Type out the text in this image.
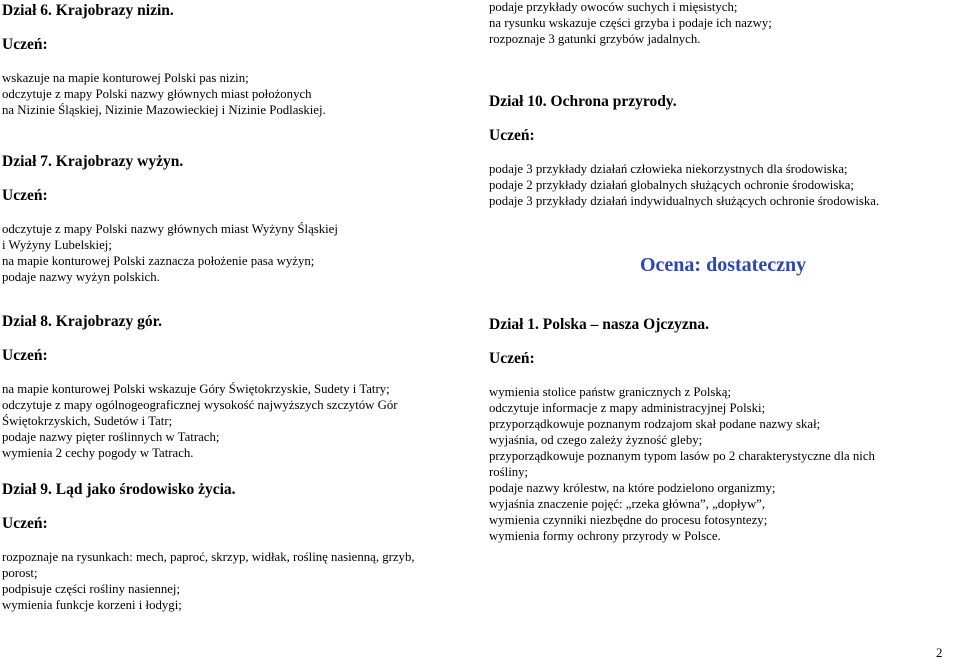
Dział 6. Krajobrazy nizin.
Uczeń:
wskazuje na mapie konturowej Polski pas nizin;
odczytuje z mapy Polski nazwy głównych miast położonych
na Nizinie Śląskiej, Nizinie Mazowieckiej i Nizinie Podlaskiej.
Dział 7. Krajobrazy wyżyn.
Uczeń:
odczytuje z mapy Polski nazwy głównych miast Wyżyny Śląskiej
i Wyżyny Lubelskiej;
na mapie konturowej Polski zaznacza położenie pasa wyżyn;
podaje nazwy wyżyn polskich.
Dział 8. Krajobrazy gór.
Uczeń:
na mapie konturowej Polski wskazuje Góry Świętokrzyskie, Sudety i Tatry;
odczytuje z mapy ogólnogeograficznej wysokość najwyższych szczytów Gór
Świętokrzyskich, Sudetów i Tatr;
podaje nazwy pięter roślinnych w Tatrach;
wymienia 2 cechy pogody w Tatrach.
Dział 9. Ląd jako środowisko życia.
Uczeń:
rozpoznaje na rysunkach: mech, paproć, skrzyp, widłak, roślinę nasienną, grzyb,
porost;
podpisuje części rośliny nasiennej;
wymienia funkcje korzeni i łodygi;
podaje przykłady owoców suchych i mięsistych;
na rysunku wskazuje części grzyba i podaje ich nazwy;
rozpoznaje 3 gatunki grzybów jadalnych.
Dział 10. Ochrona przyrody.
Uczeń:
podaje 3 przykłady działań człowieka niekorzystnych dla środowiska;
podaje 2 przykłady działań globalnych służących ochronie środowiska;
podaje 3 przykłady działań indywidualnych służących ochronie środowiska.
Ocena: dostateczny
Dział 1. Polska – nasza Ojczyzna.
Uczeń:
wymienia stolice państw granicznych z Polską;
odczytuje informacje z mapy administracyjnej Polski;
przyporządkowuje poznanym rodzajom skał podane nazwy skał;
wyjaśnia, od czego zależy żyzność gleby;
przyporządkowuje poznanym typom lasów po 2 charakterystyczne dla nich
rośliny;
podaje nazwy królestw, na które podzielono organizmy;
wyjaśnia znaczenie pojęć: „rzeka główna”, „dopływ”,
wymienia czynniki niezbędne do procesu fotosyntezy;
wymienia formy ochrony przyrody w Polsce.
2
